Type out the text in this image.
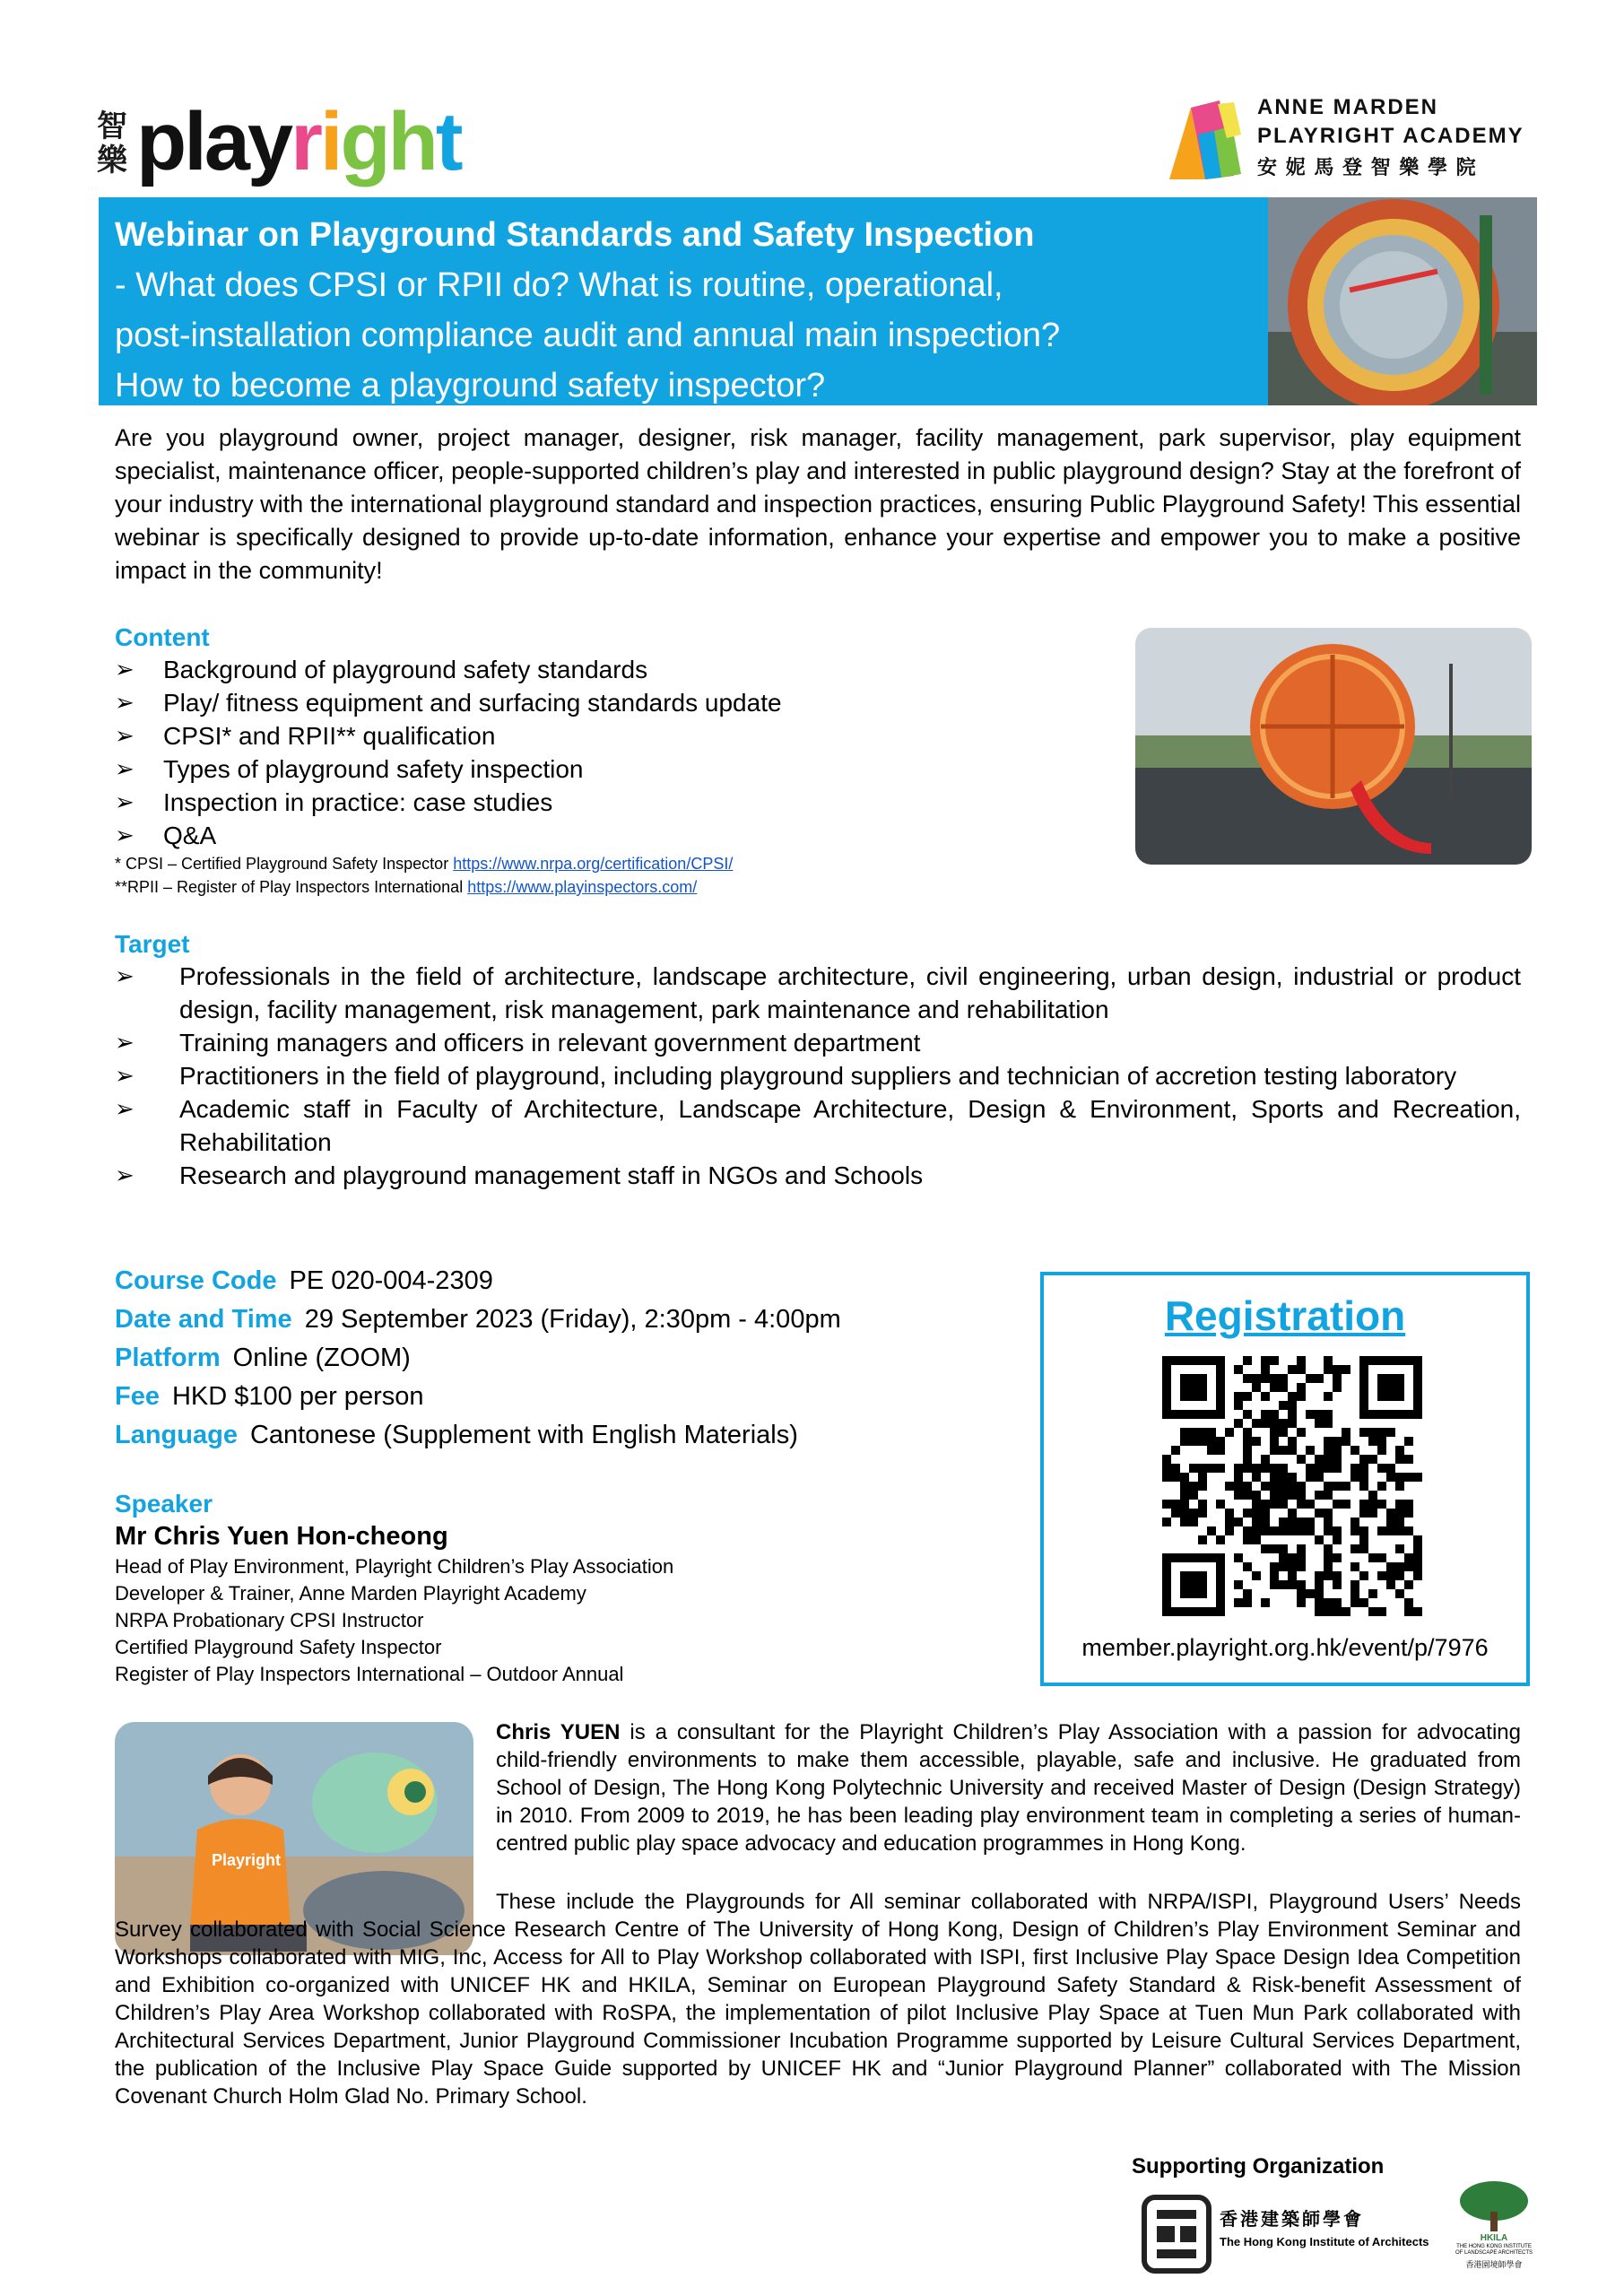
智樂 playright	ANNE MARDEN
PLAYRIGHT ACADEMY
安 妮 馬 登 智 樂 學 院
Webinar on Playground Standards and Safety Inspection
- What does CPSI or RPII do? What is routine, operational,
post-installation compliance audit and annual main inspection?
How to become a playground safety inspector?
Are you playground owner, project manager, designer, risk manager, facility management, park supervisor, play equipment specialist, maintenance officer, people-supported children’s play and interested in public playground design? Stay at the forefront of your industry with the international playground standard and inspection practices, ensuring Public Playground Safety! This essential webinar is specifically designed to provide up-to-date information, enhance your expertise and empower you to make a positive impact in the community!
Content
➢ Background of playground safety standards
➢ Play/ fitness equipment and surfacing standards update
➢ CPSI* and RPII** qualification
➢ Types of playground safety inspection
➢ Inspection in practice: case studies
➢ Q&A
* CPSI – Certified Playground Safety Inspector https://www.nrpa.org/certification/CPSI/
**RPII – Register of Play Inspectors International https://www.playinspectors.com/
Target
➢ Professionals in the field of architecture, landscape architecture, civil engineering, urban design, industrial or product design, facility management, risk management, park maintenance and rehabilitation
➢ Training managers and officers in relevant government department
➢ Practitioners in the field of playground, including playground suppliers and technician of accretion testing laboratory
➢ Academic staff in Faculty of Architecture, Landscape Architecture, Design & Environment, Sports and Recreation, Rehabilitation
➢ Research and playground management staff in NGOs and Schools
Course Code PE 020-004-2309
Date and Time 29 September 2023 (Friday), 2:30pm - 4:00pm
Platform Online (ZOOM)
Fee HKD $100 per person
Language Cantonese (Supplement with English Materials)
Registration
member.playright.org.hk/event/p/7976
Speaker
Mr Chris Yuen Hon-cheong
Head of Play Environment, Playright Children’s Play Association
Developer & Trainer, Anne Marden Playright Academy
NRPA Probationary CPSI Instructor
Certified Playground Safety Inspector
Register of Play Inspectors International – Outdoor Annual
Playright
Chris YUEN is a consultant for the Playright Children’s Play Association with a passion for advocating child-friendly environments to make them accessible, playable, safe and inclusive. He graduated from School of Design, The Hong Kong Polytechnic University and received Master of Design (Design Strategy) in 2010. From 2009 to 2019, he has been leading play environment team in completing a series of human-centred public play space advocacy and education programmes in Hong Kong.
These include the Playgrounds for All seminar collaborated with NRPA/ISPI, Playground Users’ Needs Survey collaborated with Social Science Research Centre of The University of Hong Kong, Design of Children’s Play Environment Seminar and Workshops collaborated with MIG, Inc, Access for All to Play Workshop collaborated with ISPI, first Inclusive Play Space Design Idea Competition and Exhibition co-organized with UNICEF HK and HKILA, Seminar on European Playground Safety Standard & Risk-benefit Assessment of Children’s Play Area Workshop collaborated with RoSPA, the implementation of pilot Inclusive Play Space at Tuen Mun Park collaborated with Architectural Services Department, Junior Playground Commissioner Incubation Programme supported by Leisure Cultural Services Department, the publication of the Inclusive Play Space Guide supported by UNICEF HK and “Junior Playground Planner” collaborated with The Mission Covenant Church Holm Glad No. Primary School.
Supporting Organization
香港建築師學會
The Hong Kong Institute of Architects	HKILA
THE HONG KONG INSTITUTE OF LANDSCAPE ARCHITECTS
香港園境師學會
